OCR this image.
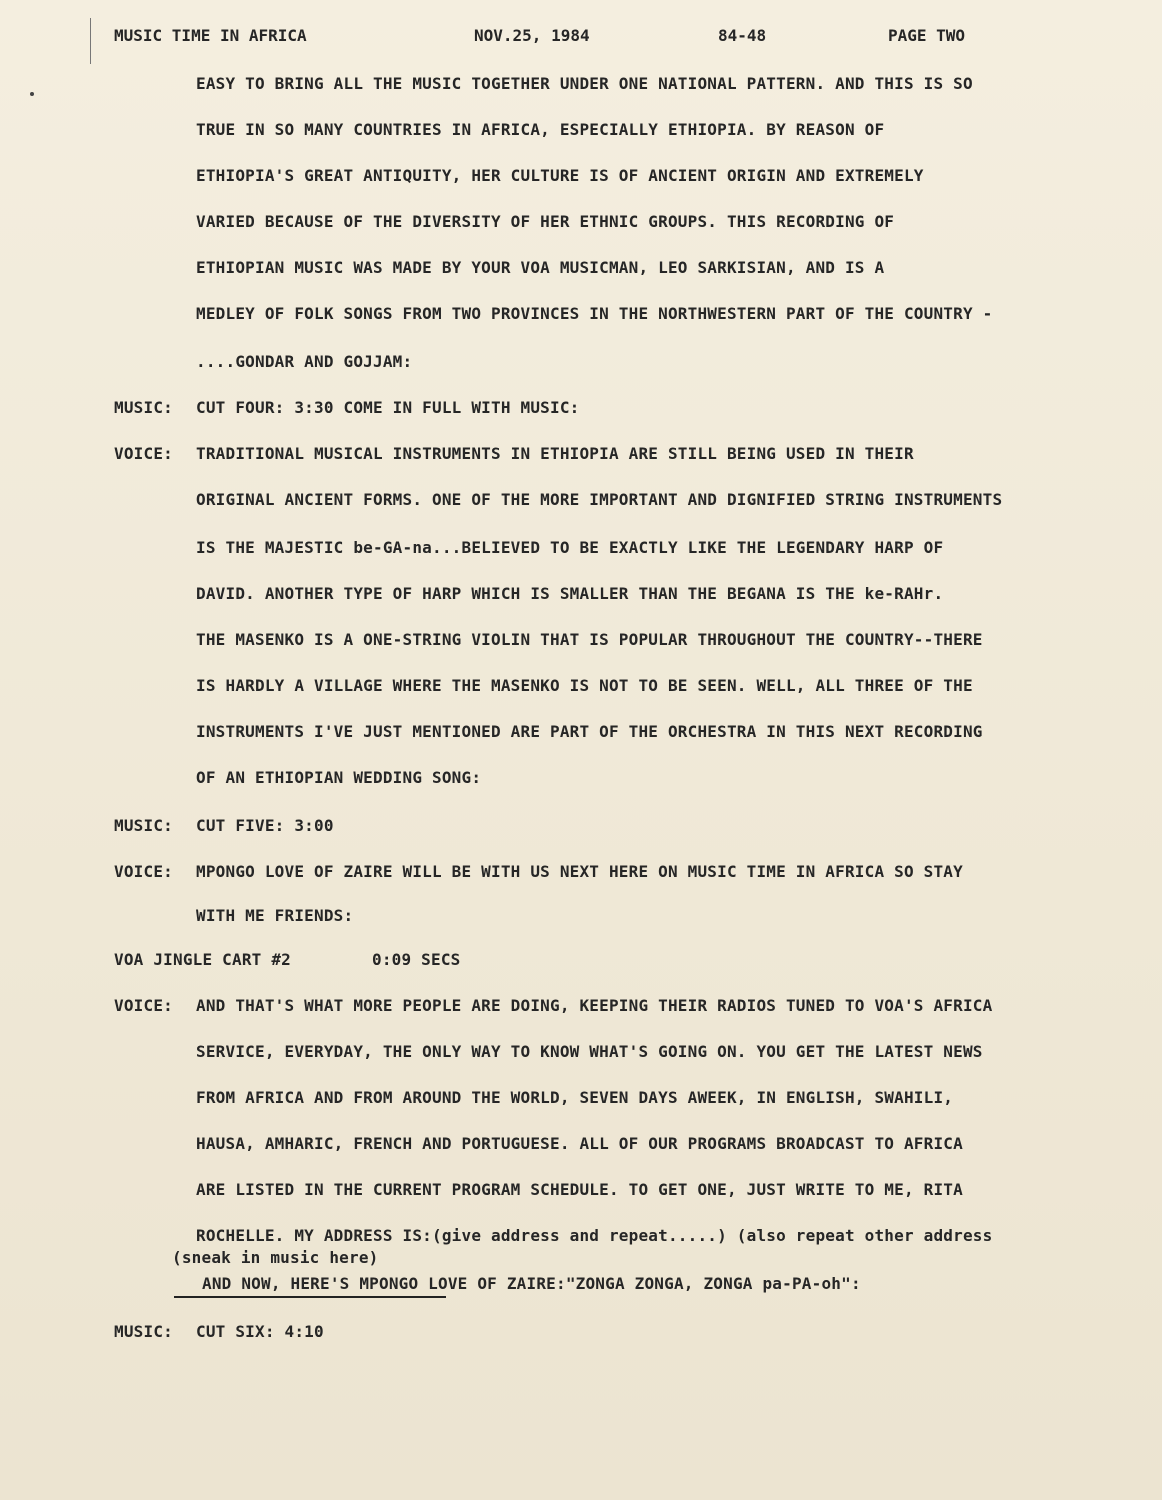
MUSIC TIME IN AFRICA	NOV.25, 1984	84-48	PAGE TWO
EASY TO BRING ALL THE MUSIC TOGETHER UNDER ONE NATIONAL PATTERN. AND THIS IS SO
TRUE IN SO MANY COUNTRIES IN AFRICA, ESPECIALLY ETHIOPIA. BY REASON OF
ETHIOPIA'S GREAT ANTIQUITY, HER CULTURE IS OF ANCIENT ORIGIN AND EXTREMELY
VARIED BECAUSE OF THE DIVERSITY OF HER ETHNIC GROUPS. THIS RECORDING OF
ETHIOPIAN MUSIC WAS MADE BY YOUR VOA MUSICMAN, LEO SARKISIAN, AND IS A
MEDLEY OF FOLK SONGS FROM TWO PROVINCES IN THE NORTHWESTERN PART OF THE COUNTRY -
....GONDAR AND GOJJAM:
MUSIC: CUT FOUR: 3:30 COME IN FULL WITH MUSIC:
VOICE: TRADITIONAL MUSICAL INSTRUMENTS IN ETHIOPIA ARE STILL BEING USED IN THEIR
ORIGINAL ANCIENT FORMS. ONE OF THE MORE IMPORTANT AND DIGNIFIED STRING INSTRUMENTS
IS THE MAJESTIC be-GA-na...BELIEVED TO BE EXACTLY LIKE THE LEGENDARY HARP OF
DAVID. ANOTHER TYPE OF HARP WHICH IS SMALLER THAN THE BEGANA IS THE ke-RAHr.
THE MASENKO IS A ONE-STRING VIOLIN THAT IS POPULAR THROUGHOUT THE COUNTRY--THERE
IS HARDLY A VILLAGE WHERE THE MASENKO IS NOT TO BE SEEN. WELL, ALL THREE OF THE
INSTRUMENTS I'VE JUST MENTIONED ARE PART OF THE ORCHESTRA IN THIS NEXT RECORDING
OF AN ETHIOPIAN WEDDING SONG:
MUSIC: CUT FIVE: 3:00
VOICE: MPONGO LOVE OF ZAIRE WILL BE WITH US NEXT HERE ON MUSIC TIME IN AFRICA SO STAY
WITH ME FRIENDS:
VOA JINGLE CART #2	0:09 SECS
VOICE: AND THAT'S WHAT MORE PEOPLE ARE DOING, KEEPING THEIR RADIOS TUNED TO VOA'S AFRICA
SERVICE, EVERYDAY, THE ONLY WAY TO KNOW WHAT'S GOING ON. YOU GET THE LATEST NEWS
FROM AFRICA AND FROM AROUND THE WORLD, SEVEN DAYS AWEEK, IN ENGLISH, SWAHILI,
HAUSA, AMHARIC, FRENCH AND PORTUGUESE. ALL OF OUR PROGRAMS BROADCAST TO AFRICA
ARE LISTED IN THE CURRENT PROGRAM SCHEDULE. TO GET ONE, JUST WRITE TO ME, RITA
ROCHELLE. MY ADDRESS IS:(give address and repeat.....) (also repeat other address
(sneak in music here)
AND NOW, HERE'S MPONGO LOVE OF ZAIRE:"ZONGA ZONGA, ZONGA pa-PA-oh":
MUSIC: CUT SIX: 4:10
